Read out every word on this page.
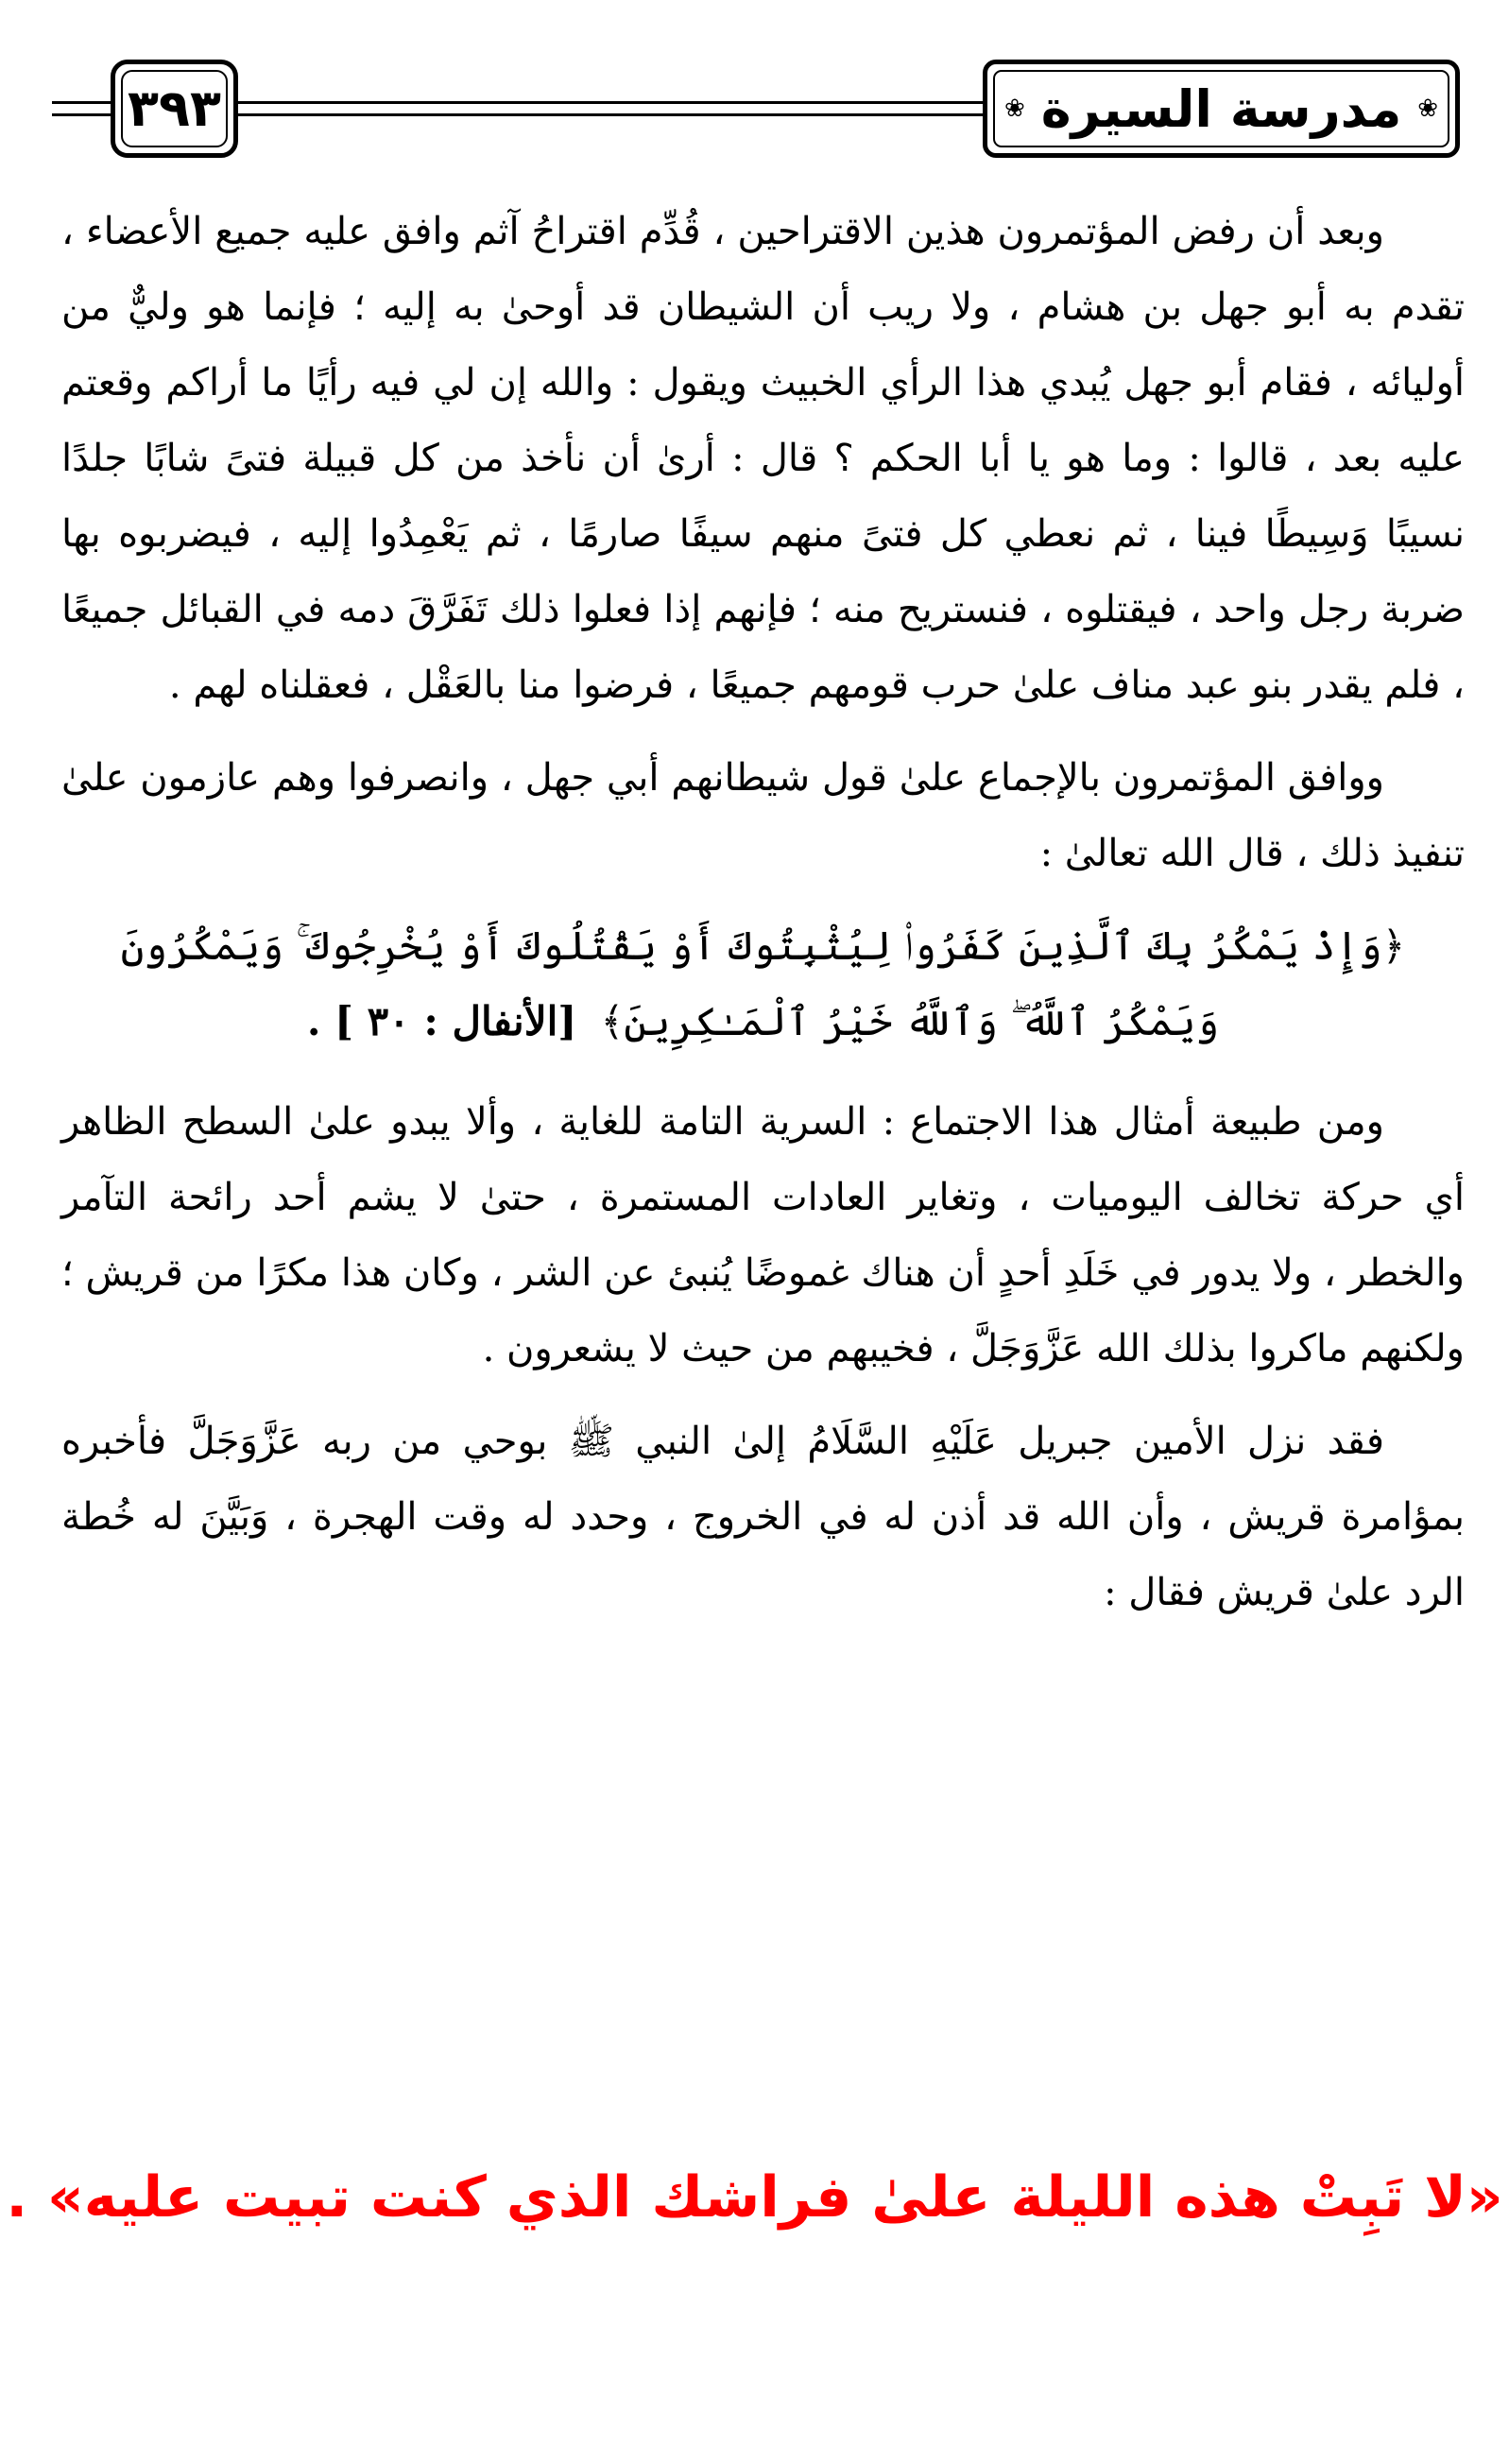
٣٩٣	❀ مدرسة السيرة ❀

وبعد أن رفض المؤتمرون هذين الاقتراحين ، قُدِّم اقتراحُ آثم وافق عليه جميع الأعضاء ، تقدم به أبو جهل بن هشام ، ولا ريب أن الشيطان قد أوحىٰ به إليه ؛ فإنما هو وليٌّ من أوليائه ، فقام أبو جهل يُبدي هذا الرأي الخبيث ويقول : والله إن لي فيه رأيًا ما أراكم وقعتم عليه بعد ، قالوا : وما هو يا أبا الحكم ؟ قال : أرىٰ أن نأخذ من كل قبيلة فتىً شابًا جلدًا نسيبًا وَسِيطًا فينا ، ثم نعطي كل فتىً منهم سيفًا صارمًا ، ثم يَعْمِدُوا إليه ، فيضربوه بها ضربة رجل واحد ، فيقتلوه ، فنستريح منه ؛ فإنهم إذا فعلوا ذلك تَفَرَّقَ دمه في القبائل جميعًا ، فلم يقدر بنو عبد مناف علىٰ حرب قومهم جميعًا ، فرضوا منا بالعَقْل ، فعقلناه لهم .

ووافق المؤتمرون بالإجماع علىٰ قول شيطانهم أبي جهل ، وانصرفوا وهم عازمون علىٰ تنفيذ ذلك ، قال الله تعالىٰ :

﴿وَإِذْ يَمْكُرُ بِكَ ٱلَّذِينَ كَفَرُوا۟ لِيُثْبِتُوكَ أَوْ يَقْتُلُوكَ أَوْ يُخْرِجُوكَ ۚ وَيَمْكُرُونَ وَيَمْكُرُ ٱللَّهُ ۖ وَٱللَّهُ خَيْرُ ٱلْمَـٰكِرِينَ﴾ [الأنفال : ٣٠ ] .

ومن طبيعة أمثال هذا الاجتماع : السرية التامة للغاية ، وألا يبدو علىٰ السطح الظاهر أي حركة تخالف اليوميات ، وتغاير العادات المستمرة ، حتىٰ لا يشم أحد رائحة التآمر والخطر ، ولا يدور في خَلَدِ أحدٍ أن هناك غموضًا يُنبئ عن الشر ، وكان هذا مكرًا من قريش ؛ ولكنهم ماكروا بذلك الله عَزَّوَجَلَّ ، فخيبهم من حيث لا يشعرون .

فقد نزل الأمين جبريل عَلَيْهِ السَّلَامُ إلىٰ النبي ﷺ بوحي من ربه عَزَّوَجَلَّ فأخبره بمؤامرة قريش ، وأن الله قد أذن له في الخروج ، وحدد له وقت الهجرة ، وَبَيَّنَ له خُطة الرد علىٰ قريش فقال :

«لا تَبِتْ هذه الليلة علىٰ فراشك الذي كنت تبيت عليه» .
